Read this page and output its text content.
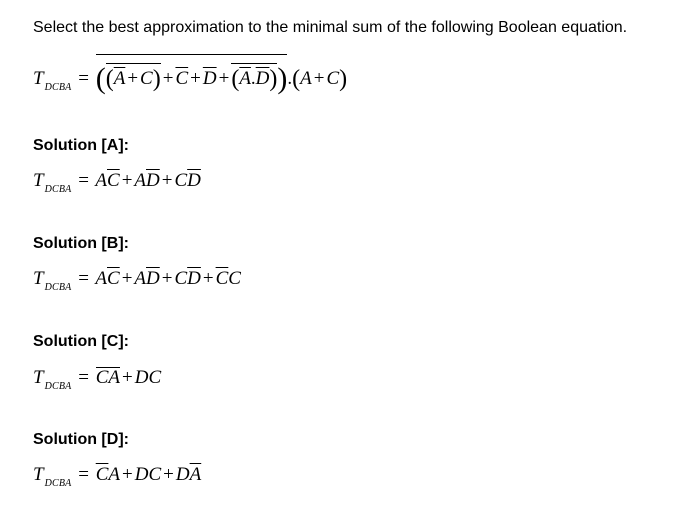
Select the best approximation to the minimal sum of the following Boolean equation.
$T_{DCBA} = ((\overline{A} + C) + \overline{C} + \overline{D} +(\overline{A}.\overline{D})).(A + C)$
Solution [A]:
$T_{DCBA} = A\overline{C} + A\overline{D} + C\overline{D}$
Solution [B]:
$T_{DCBA} = A\overline{C} + A\overline{D} + C\overline{D} + \overline{C}C$
Solution [C]:
$T_{DCBA}$ = CA + DC
Solution [D]:
$T_{DCBA} = \overline{C}A$ + DC + $D\overline{A}$
